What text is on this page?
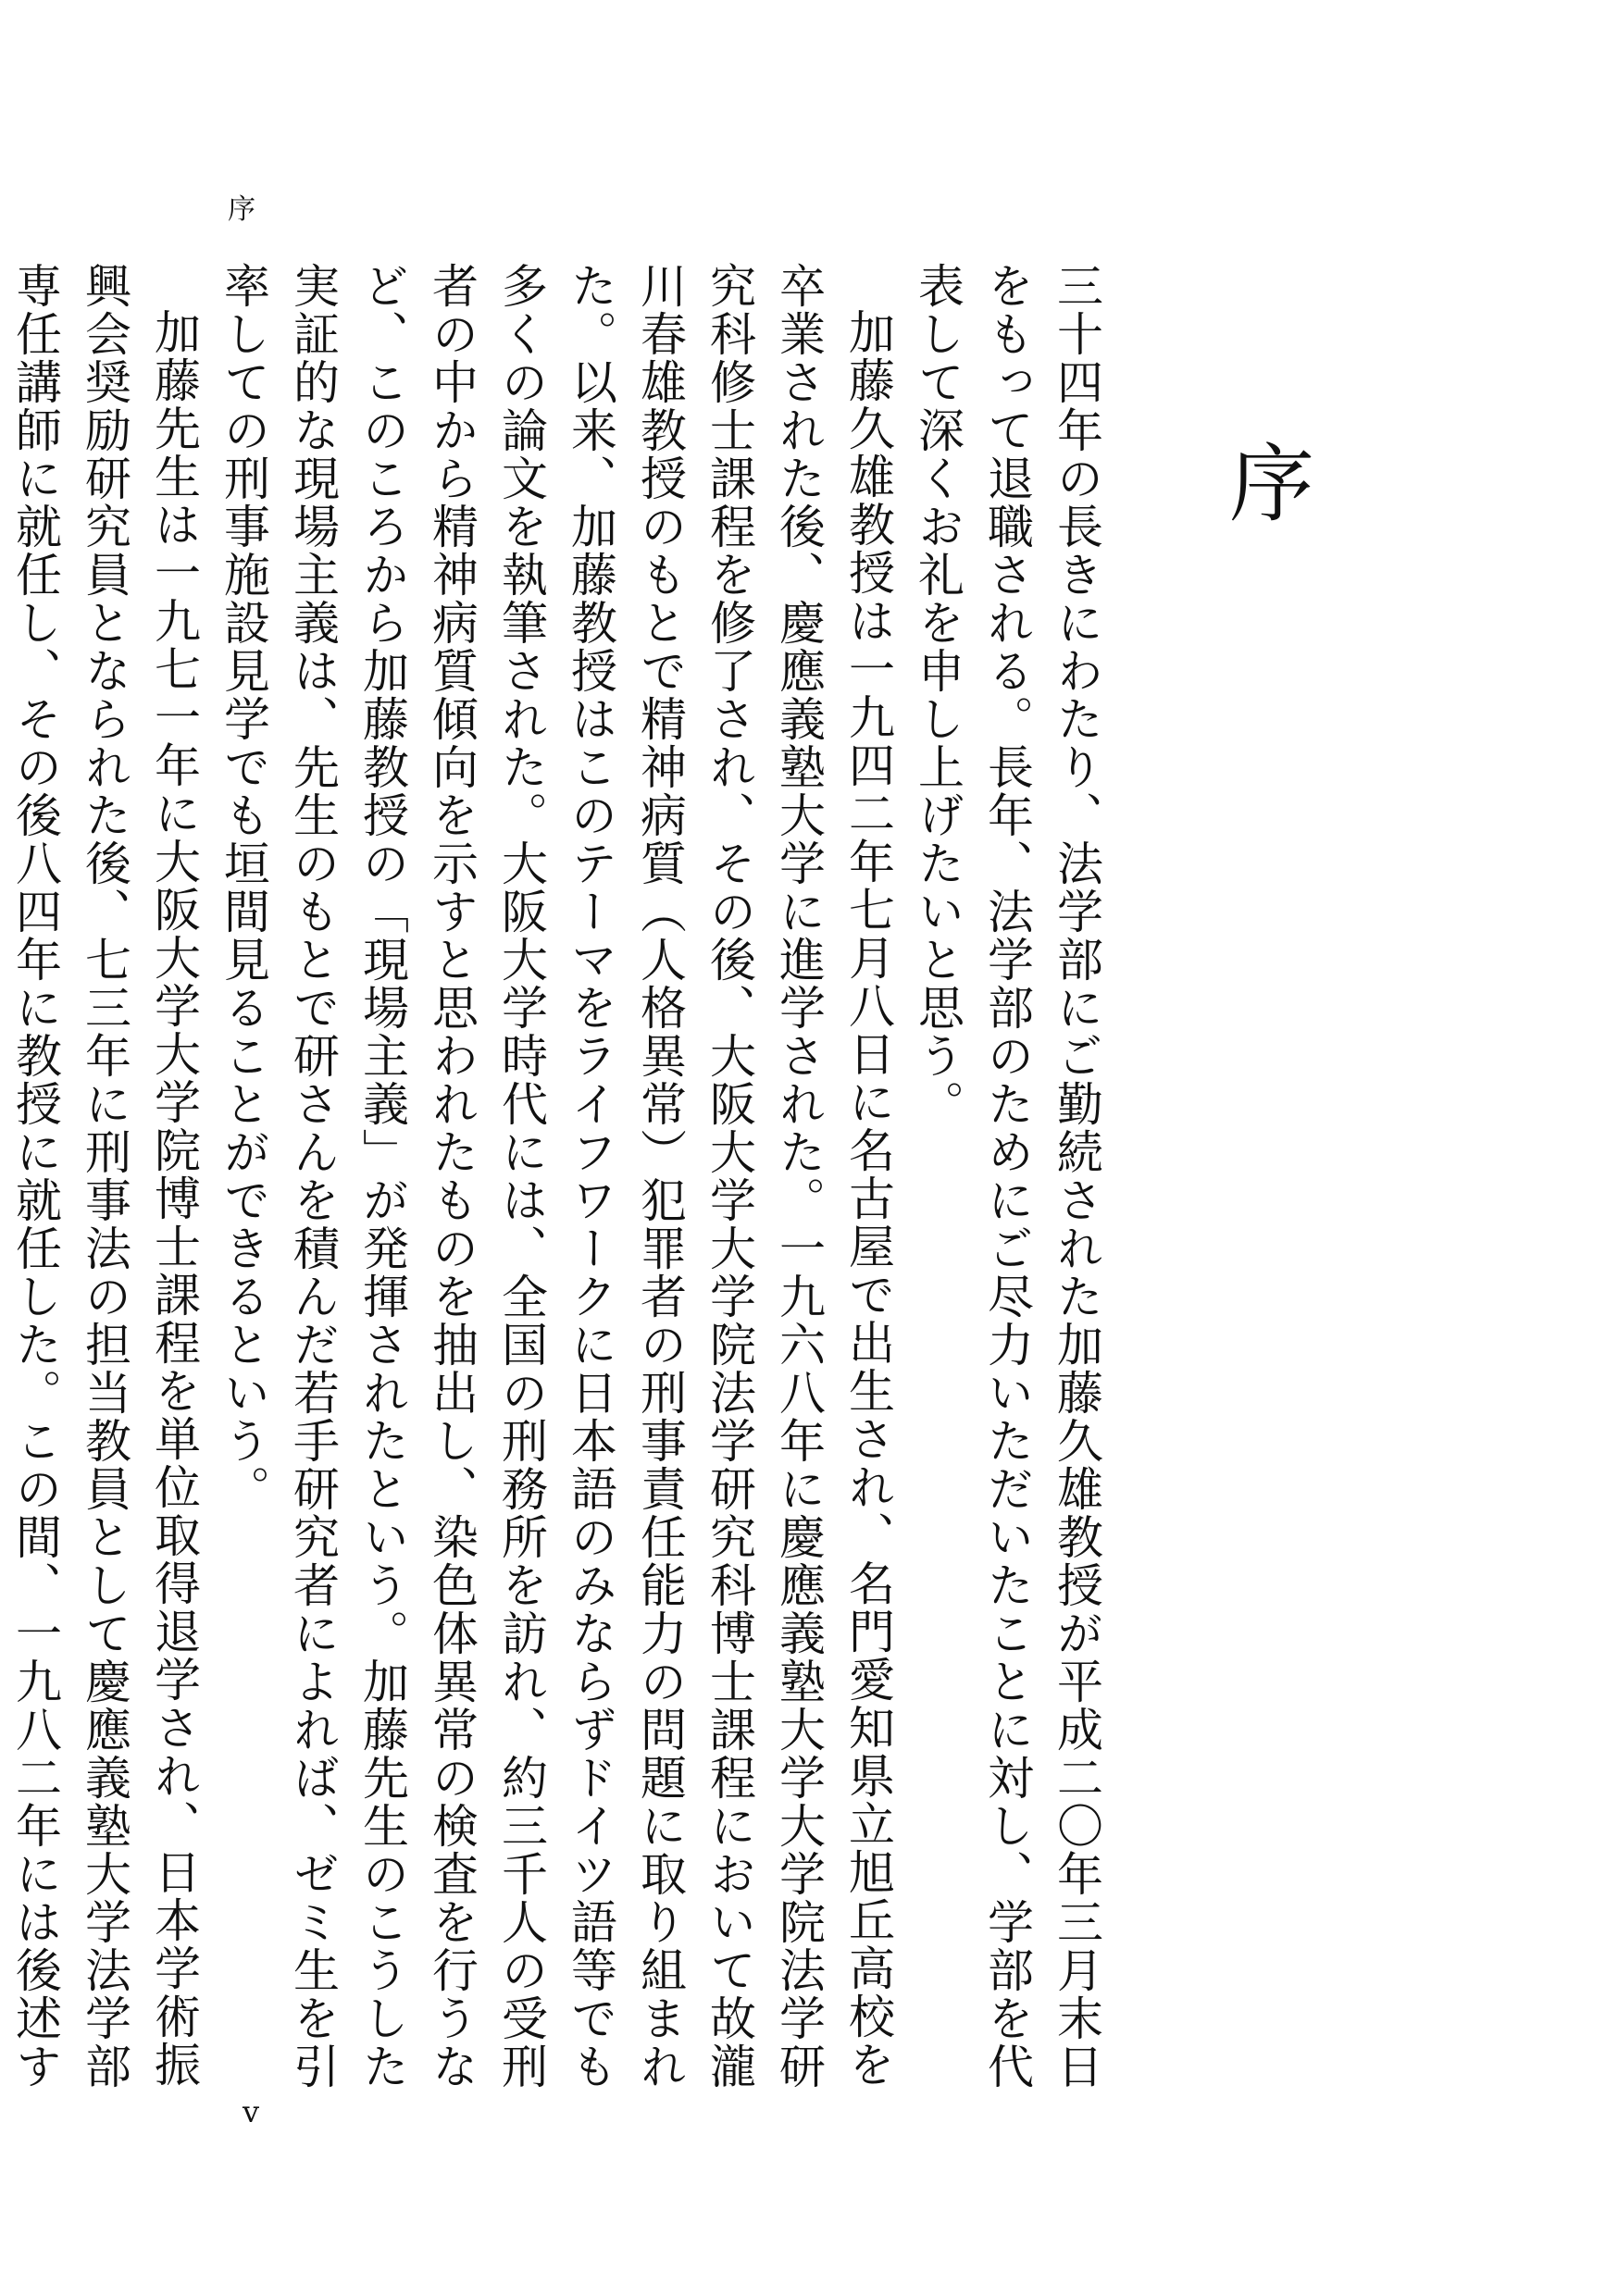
序
序

三十四年の長きにわたり、法学部にご勤続された加藤久雄教授が平成二〇年三月末日をもって退職される。長年、法学部のためにご尽力いただいたことに対し、学部を代表して深くお礼を申し上げたいと思う。

加藤久雄教授は一九四二年七月八日に名古屋で出生され、名門愛知県立旭丘高校を卒業された後、慶應義塾大学に進学された。一九六八年に慶應義塾大学大学院法学研究科修士課程を修了され、その後、大阪大学大学院法学研究科博士課程において故瀧川春雄教授のもとで精神病質（人格異常）犯罪者の刑事責任能力の問題に取り組まれた。以来、加藤教授はこのテーマをライフワークに日本語のみならずドイツ語等でも多くの論文を執筆された。大阪大学時代には、全国の刑務所を訪れ、約三千人の受刑者の中から精神病質傾向を示すと思われたものを抽出し、染色体異常の検査を行うなど、このころから加藤教授の「現場主義」が発揮されたという。加藤先生のこうした実証的な現場主義は、先生のもとで研さんを積んだ若手研究者によれば、ゼミ生を引率しての刑事施設見学でも垣間見ることができるという。

加藤先生は一九七一年に大阪大学大学院博士課程を単位取得退学され、日本学術振興会奨励研究員となられた後、七三年に刑事法の担当教員として慶應義塾大学法学部専任講師に就任し、その後八四年に教授に就任した。この間、一九八二年には後述す

v
